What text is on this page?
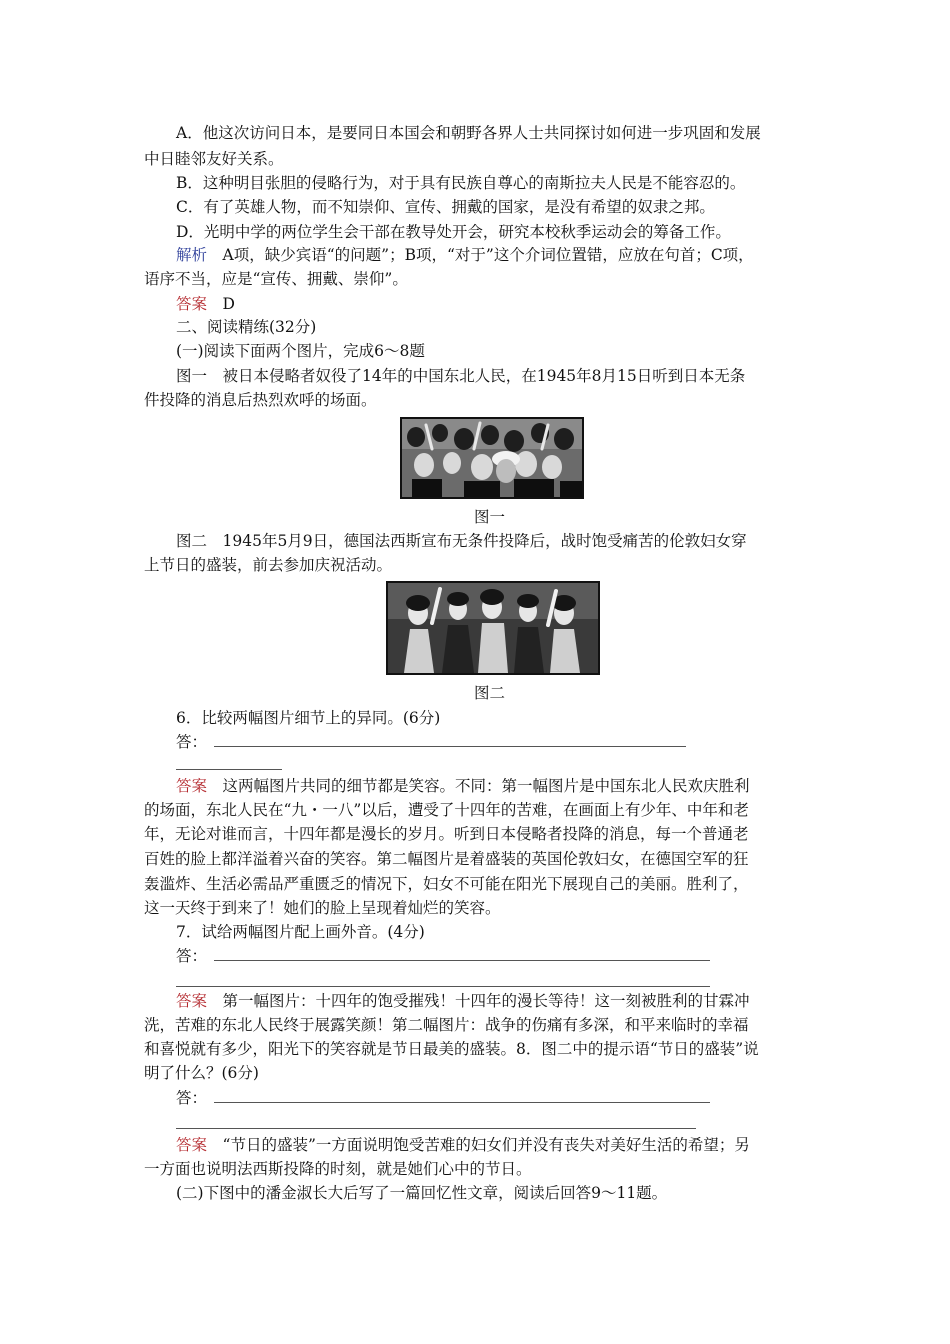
A．他这次访问日本，是要同日本国会和朝野各界人士共同探讨如何进一步巩固和发展
中日睦邻友好关系。
B．这种明目张胆的侵略行为，对于具有民族自尊心的南斯拉夫人民是不能容忍的。
C．有了英雄人物，而不知崇仰、宣传、拥戴的国家，是没有希望的奴隶之邦。
D．光明中学的两位学生会干部在教导处开会，研究本校秋季运动会的筹备工作。
解析　 A项，缺少宾语“的问题”；B项，“对于”这个介词位置错，应放在句首；C项，
语序不当，应是“宣传、拥戴、崇仰”。
答案　 D
二、阅读精练(32分)
(一)阅读下面两个图片，完成6～8题
图一　被日本侵略者奴役了14年的中国东北人民，在1945年8月15日听到日本无条
件投降的消息后热烈欢呼的场面。
图一
图二　1945年5月9日，德国法西斯宣布无条件投降后，战时饱受痛苦的伦敦妇女穿
上节日的盛装，前去参加庆祝活动。
图二
6．比较两幅图片细节上的异同。(6分)
答：
答案　 这两幅图片共同的细节都是笑容。不同：第一幅图片是中国东北人民欢庆胜利
的场面，东北人民在“九・一八”以后，遭受了十四年的苦难，在画面上有少年、中年和老
年，无论对谁而言，十四年都是漫长的岁月。听到日本侵略者投降的消息，每一个普通老
百姓的脸上都洋溢着兴奋的笑容。第二幅图片是着盛装的英国伦敦妇女，在德国空军的狂
轰滥炸、生活必需品严重匮乏的情况下，妇女不可能在阳光下展现自己的美丽。胜利了，
这一天终于到来了！她们的脸上呈现着灿烂的笑容。
7．试给两幅图片配上画外音。(4分)
答：
答案　 第一幅图片：十四年的饱受摧残！十四年的漫长等待！这一刻被胜利的甘霖冲
洗，苦难的东北人民终于展露笑颜！第二幅图片：战争的伤痛有多深，和平来临时的幸福
和喜悦就有多少，阳光下的笑容就是节日最美的盛装。8．图二中的提示语“节日的盛装”说
明了什么？(6分)
答：
答案　 “节日的盛装”一方面说明饱受苦难的妇女们并没有丧失对美好生活的希望；另
一方面也说明法西斯投降的时刻，就是她们心中的节日。
(二)下图中的潘金淑长大后写了一篇回忆性文章，阅读后回答9～11题。
